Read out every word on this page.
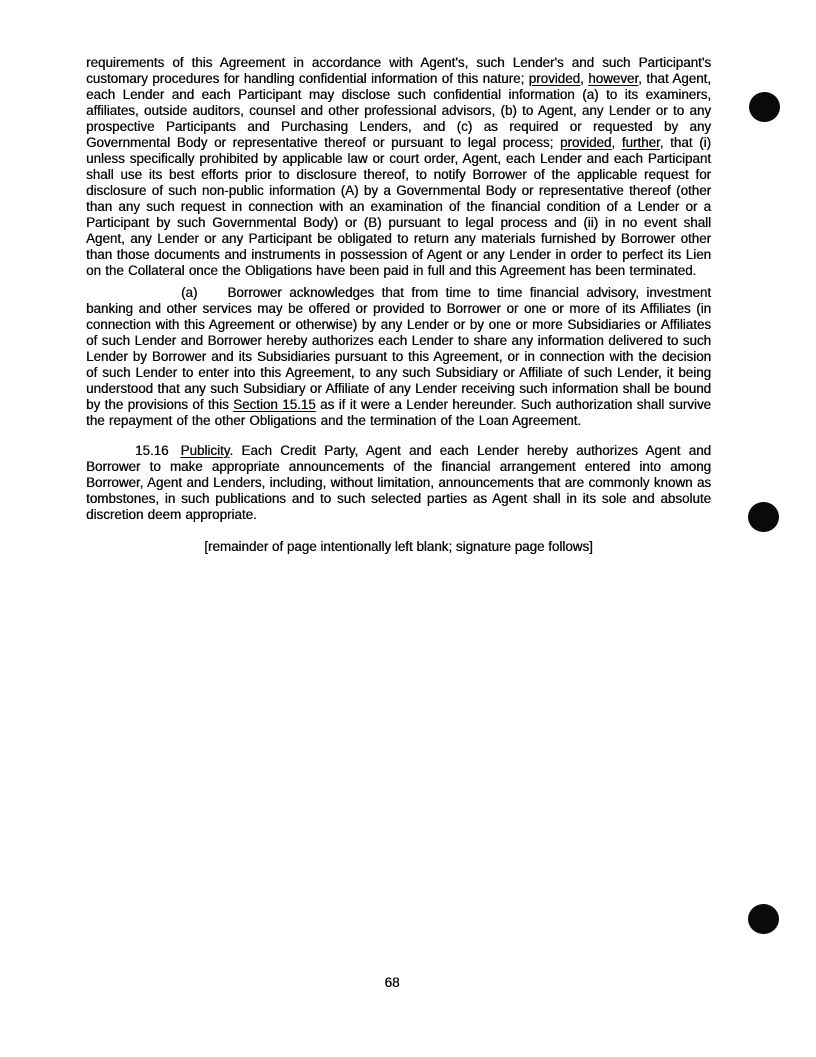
requirements of this Agreement in accordance with Agent's, such Lender's and such Participant's customary procedures for handling confidential information of this nature; provided, however, that Agent, each Lender and each Participant may disclose such confidential information (a) to its examiners, affiliates, outside auditors, counsel and other professional advisors, (b) to Agent, any Lender or to any prospective Participants and Purchasing Lenders, and (c) as required or requested by any Governmental Body or representative thereof or pursuant to legal process; provided, further, that (i) unless specifically prohibited by applicable law or court order, Agent, each Lender and each Participant shall use its best efforts prior to disclosure thereof, to notify Borrower of the applicable request for disclosure of such non-public information (A) by a Governmental Body or representative thereof (other than any such request in connection with an examination of the financial condition of a Lender or a Participant by such Governmental Body) or (B) pursuant to legal process and (ii) in no event shall Agent, any Lender or any Participant be obligated to return any materials furnished by Borrower other than those documents and instruments in possession of Agent or any Lender in order to perfect its Lien on the Collateral once the Obligations have been paid in full and this Agreement has been terminated.

(a) Borrower acknowledges that from time to time financial advisory, investment banking and other services may be offered or provided to Borrower or one or more of its Affiliates (in connection with this Agreement or otherwise) by any Lender or by one or more Subsidiaries or Affiliates of such Lender and Borrower hereby authorizes each Lender to share any information delivered to such Lender by Borrower and its Subsidiaries pursuant to this Agreement, or in connection with the decision of such Lender to enter into this Agreement, to any such Subsidiary or Affiliate of such Lender, it being understood that any such Subsidiary or Affiliate of any Lender receiving such information shall be bound by the provisions of this Section 15.15 as if it were a Lender hereunder. Such authorization shall survive the repayment of the other Obligations and the termination of the Loan Agreement.

15.16 Publicity. Each Credit Party, Agent and each Lender hereby authorizes Agent and Borrower to make appropriate announcements of the financial arrangement entered into among Borrower, Agent and Lenders, including, without limitation, announcements that are commonly known as tombstones, in such publications and to such selected parties as Agent shall in its sole and absolute discretion deem appropriate.

[remainder of page intentionally left blank; signature page follows]

68
